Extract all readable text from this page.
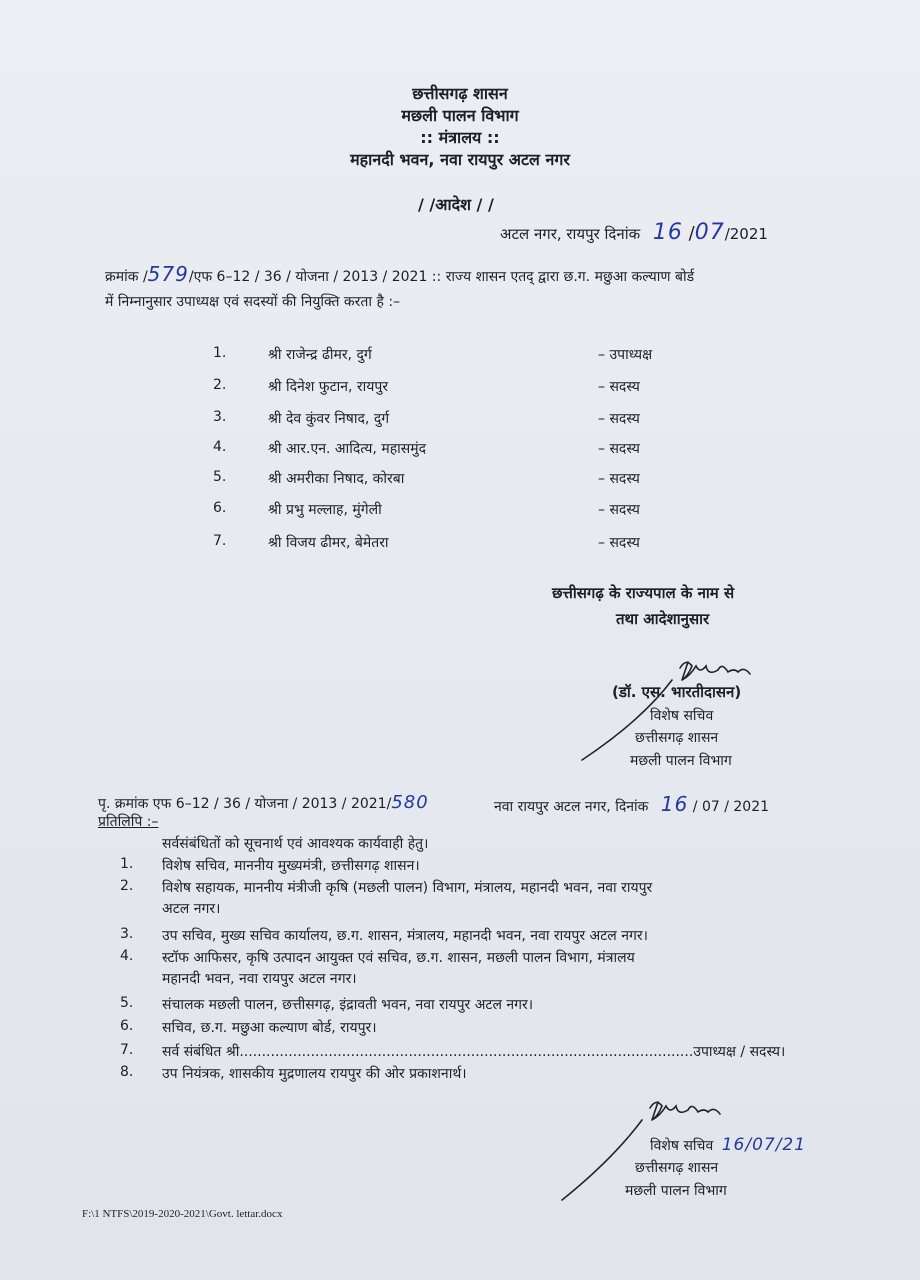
छत्तीसगढ़ शासन
मछली पालन विभाग
:: मंत्रालय ::
महानदी भवन, नवा रायपुर अटल नगर
/ /आदेश / /
अटल नगर, रायपुर दिनांक 16 /07/2021
क्रमांक /579/एफ 6–12 / 36 / योजना / 2013 / 2021 :: राज्य शासन एतद् द्वारा छ.ग. मछुआ कल्याण बोर्ड
में निम्नानुसार उपाध्यक्ष एवं सदस्यों की नियुक्ति करता है :–
1.	श्री राजेन्द्र ढीमर, दुर्ग	– उपाध्यक्ष
2.	श्री दिनेश फुटान, रायपुर	– सदस्य
3.	श्री देव कुंवर निषाद, दुर्ग	– सदस्य
4.	श्री आर.एन. आदित्य, महासमुंद	– सदस्य
5.	श्री अमरीका निषाद, कोरबा	– सदस्य
6.	श्री प्रभु मल्लाह, मुंगेली	– सदस्य
7.	श्री विजय ढीमर, बेमेतरा	– सदस्य
छत्तीसगढ़ के राज्यपाल के नाम से
तथा आदेशानुसार
(डॉ. एस. भारतीदासन)
विशेष सचिव
छत्तीसगढ़ शासन
मछली पालन विभाग
पृ. क्रमांक एफ 6–12 / 36 / योजना / 2013 / 2021/580	नवा रायपुर अटल नगर, दिनांक 16 / 07 / 2021
प्रतिलिपि :–
सर्वसंबंधितों को सूचनार्थ एवं आवश्यक कार्यवाही हेतु।
1. विशेष सचिव, माननीय मुख्यमंत्री, छत्तीसगढ़ शासन।
2. विशेष सहायक, माननीय मंत्रीजी कृषि (मछली पालन) विभाग, मंत्रालय, महानदी भवन, नवा रायपुर
अटल नगर।
3. उप सचिव, मुख्य सचिव कार्यालय, छ.ग. शासन, मंत्रालय, महानदी भवन, नवा रायपुर अटल नगर।
4. स्टॉफ आफिसर, कृषि उत्पादन आयुक्त एवं सचिव, छ.ग. शासन, मछली पालन विभाग, मंत्रालय
महानदी भवन, नवा रायपुर अटल नगर।
5. संचालक मछली पालन, छत्तीसगढ़, इंद्रावती भवन, नवा रायपुर अटल नगर।
6. सचिव, छ.ग. मछुआ कल्याण बोर्ड, रायपुर।
7. सर्व संबंधित श्री......................................................................................................उपाध्यक्ष / सदस्य।
8. उप नियंत्रक, शासकीय मुद्रणालय रायपुर की ओर प्रकाशनार्थ।
विशेष सचिव 16/07/21
छत्तीसगढ़ शासन
मछली पालन विभाग
F:\1 NTFS\2019-2020-2021\Govt. lettar.docx
